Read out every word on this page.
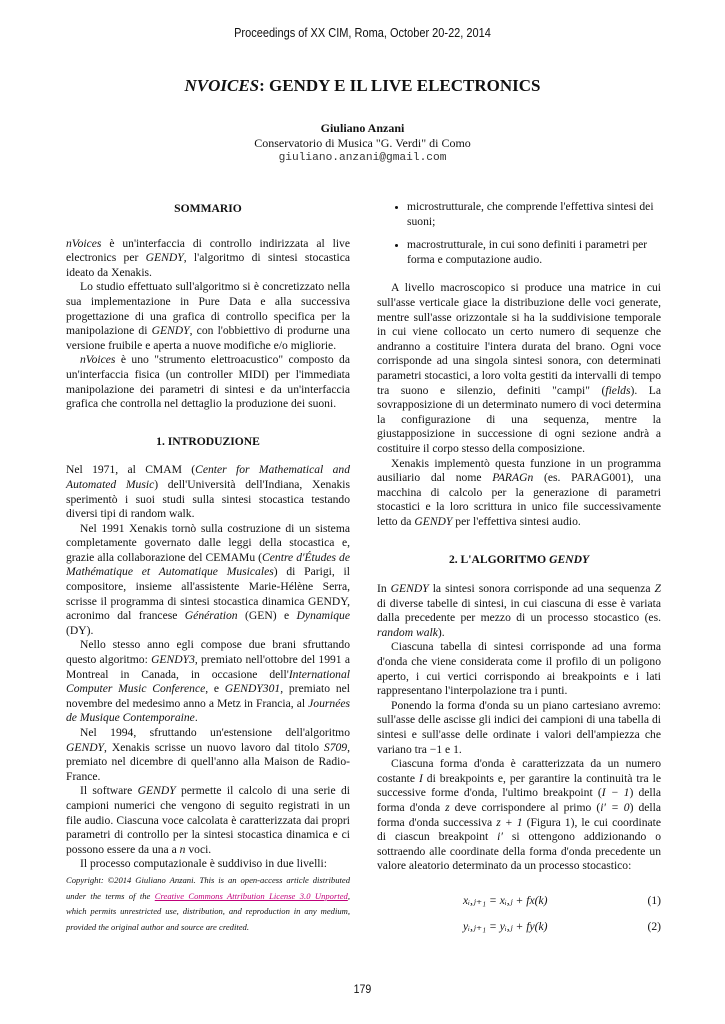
Proceedings of XX CIM, Roma, October 20-22, 2014
NVOICES: GENDY E IL LIVE ELECTRONICS
Giuliano Anzani
Conservatorio di Musica "G. Verdi" di Como
giuliano.anzani@gmail.com
SOMMARIO

nVoices è un'interfaccia di controllo indirizzata al live electronics per GENDY, l'algoritmo di sintesi stocastica ideato da Xenakis.

Lo studio effettuato sull'algoritmo si è concretizzato nella sua implementazione in Pure Data e alla successiva progettazione di una grafica di controllo specifica per la manipolazione di GENDY, con l'obbiettivo di produrne una versione fruibile e aperta a nuove modifiche e/o migliorie.

nVoices è uno "strumento elettroacustico" composto da un'interfaccia fisica (un controller MIDI) per l'immediata manipolazione dei parametri di sintesi e da un'interfaccia grafica che controlla nel dettaglio la produzione dei suoni.

1. INTRODUZIONE

Nel 1971, al CMAM (Center for Mathematical and Automated Music) dell'Università dell'Indiana, Xenakis sperimentò i suoi studi sulla sintesi stocastica testando diversi tipi di random walk.

Nel 1991 Xenakis tornò sulla costruzione di un sistema completamente governato dalle leggi della stocastica e, grazie alla collaborazione del CEMAMu (Centre d'Études de Mathématique et Automatique Musicales) di Parigi, il compositore, insieme all'assistente Marie-Hélène Serra, scrisse il programma di sintesi stocastica dinamica GENDY, acronimo dal francese Génération (GEN) e Dynamique (DY).

Nello stesso anno egli compose due brani sfruttando questo algoritmo: GENDY3, premiato nell'ottobre del 1991 a Montreal in Canada, in occasione dell'International Computer Music Conference, e GENDY301, premiato nel novembre del medesimo anno a Metz in Francia, al Journées de Musique Contemporaine.

Nel 1994, sfruttando un'estensione dell'algoritmo GENDY, Xenakis scrisse un nuovo lavoro dal titolo S709, premiato nel dicembre di quell'anno alla Maison de Radio-France.

Il software GENDY permette il calcolo di una serie di campioni numerici che vengono di seguito registrati in un file audio. Ciascuna voce calcolata è caratterizzata dai propri parametri di controllo per la sintesi stocastica dinamica e ci possono essere da una a n voci.

Il processo computazionale è suddiviso in due livelli:

Copyright: ©2014 Giuliano Anzani. This is an open-access article distributed under the terms of the Creative Commons Attribution License 3.0 Unported, which permits unrestricted use, distribution, and reproduction in any medium, provided the original author and source are credited.
• microstrutturale, che comprende l'effettiva sintesi dei suoni;
• macrostrutturale, in cui sono definiti i parametri per forma e computazione audio.

A livello macroscopico si produce una matrice in cui sull'asse verticale giace la distribuzione delle voci generate, mentre sull'asse orizzontale si ha la suddivisione temporale in cui viene collocato un certo numero di sequenze che andranno a costituire l'intera durata del brano. Ogni voce corrisponde ad una singola sintesi sonora, con determinati parametri stocastici, a loro volta gestiti da intervalli di tempo tra suono e silenzio, definiti "campi" (fields). La sovrapposizione di un determinato numero di voci determina la configurazione di una sequenza, mentre la giustapposizione in successione di ogni sezione andrà a costituire il corpo stesso della composizione.

Xenakis implementò questa funzione in un programma ausiliario dal nome PARAGn (es. PARAG001), una macchina di calcolo per la generazione di parametri stocastici e la loro scrittura in unico file successivamente letto da GENDY per l'effettiva sintesi audio.

2. L'ALGORITMO GENDY

In GENDY la sintesi sonora corrisponde ad una sequenza Z di diverse tabelle di sintesi, in cui ciascuna di esse è variata dalla precedente per mezzo di un processo stocastico (es. random walk).

Ciascuna tabella di sintesi corrisponde ad una forma d'onda che viene considerata come il profilo di un poligono aperto, i cui vertici corrispondo ai breakpoints e i lati rappresentano l'interpolazione tra i punti.

Ponendo la forma d'onda su un piano cartesiano avremo: sull'asse delle ascisse gli indici dei campioni di una tabella di sintesi e sull'asse delle ordinate i valori dell'ampiezza che variano tra −1 e 1.

Ciascuna forma d'onda è caratterizzata da un numero costante I di breakpoints e, per garantire la continuità tra le successive forme d'onda, l'ultimo breakpoint (I − 1) della forma d'onda z deve corrispondere al primo (i′ = 0) della forma d'onda successiva z + 1 (Figura 1), le cui coordinate di ciascun breakpoint i′ si ottengono addizionando o sottraendo alle coordinate della forma d'onda precedente un valore aleatorio determinato da un processo stocastico:

xᵢ,ⱼ₊₁ = xᵢ,ⱼ + fx(k)	(1)
yᵢ,ⱼ₊₁ = yᵢ,ⱼ + fy(k)	(2)
179
